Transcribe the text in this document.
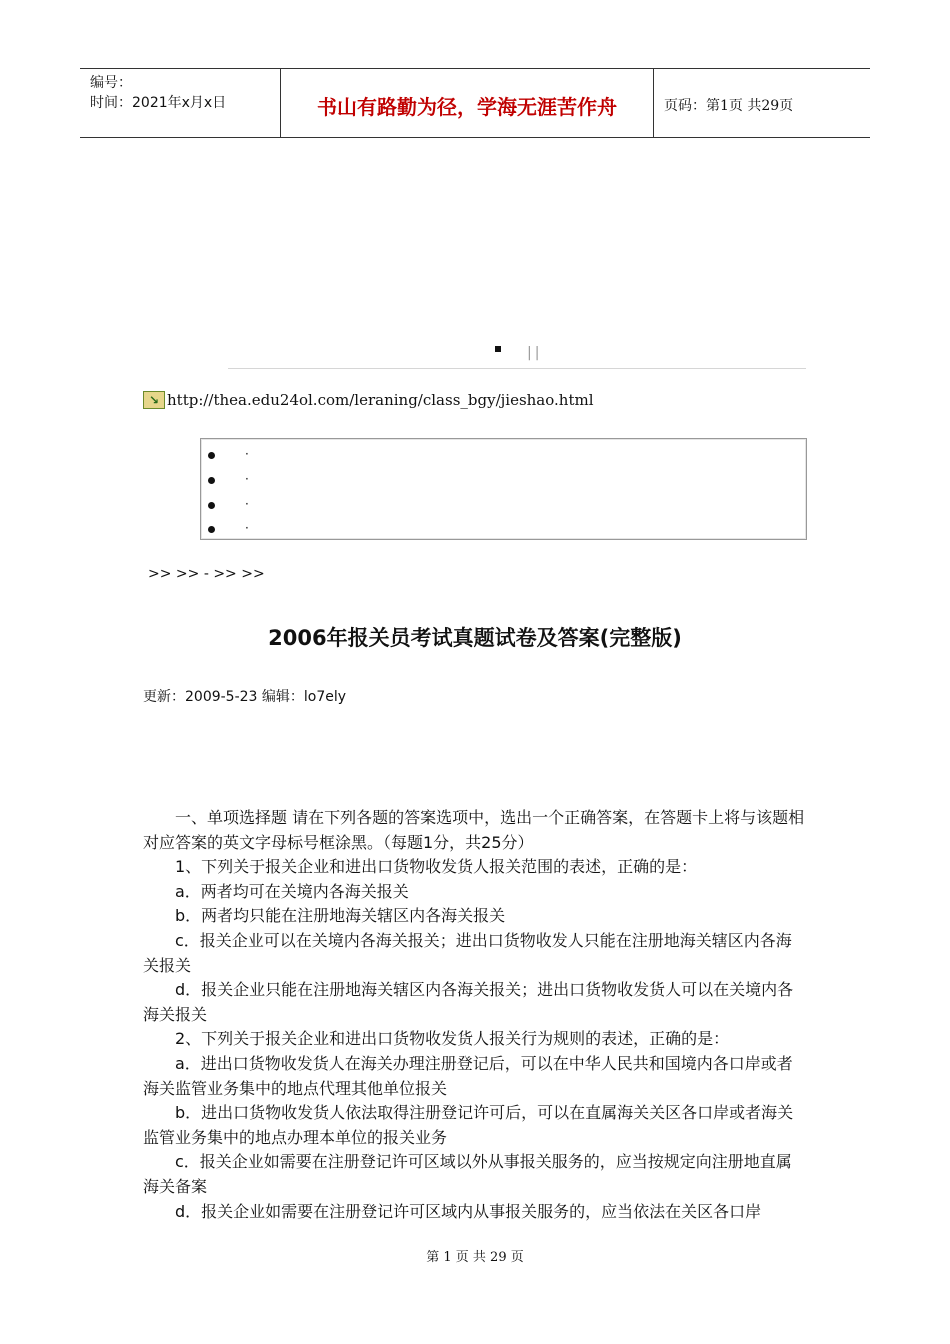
编号：
时间：2021年x月x日	书山有路勤为径，学海无涯苦作舟	页码：第1页 共29页
||
↘ http://thea.edu24ol.com/leraning/class_bgy/jieshao.html
·
·
·
·
>> >> - >> >>
2006年报关员考试真题试卷及答案(完整版)
更新：2009-5-23 编辑：lo7ely

一、单项选择题 请在下列各题的答案选项中，选出一个正确答案，在答题卡上将与该题相对应答案的英文字母标号框涂黑。（每题1分，共25分）

1、下列关于报关企业和进出口货物收发货人报关范围的表述，正确的是：

a．两者均可在关境内各海关报关

b．两者均只能在注册地海关辖区内各海关报关

c．报关企业可以在关境内各海关报关；进出口货物收发人只能在注册地海关辖区内各海关报关

d．报关企业只能在注册地海关辖区内各海关报关；进出口货物收发货人可以在关境内各海关报关

2、下列关于报关企业和进出口货物收发货人报关行为规则的表述，正确的是：

a．进出口货物收发货人在海关办理注册登记后，可以在中华人民共和国境内各口岸或者海关监管业务集中的地点代理其他单位报关

b．进出口货物收发货人依法取得注册登记许可后，可以在直属海关关区各口岸或者海关监管业务集中的地点办理本单位的报关业务

c．报关企业如需要在注册登记许可区域以外从事报关服务的，应当按规定向注册地直属海关备案

d．报关企业如需要在注册登记许可区域内从事报关服务的，应当依法在关区各口岸

第 1 页 共 29 页
